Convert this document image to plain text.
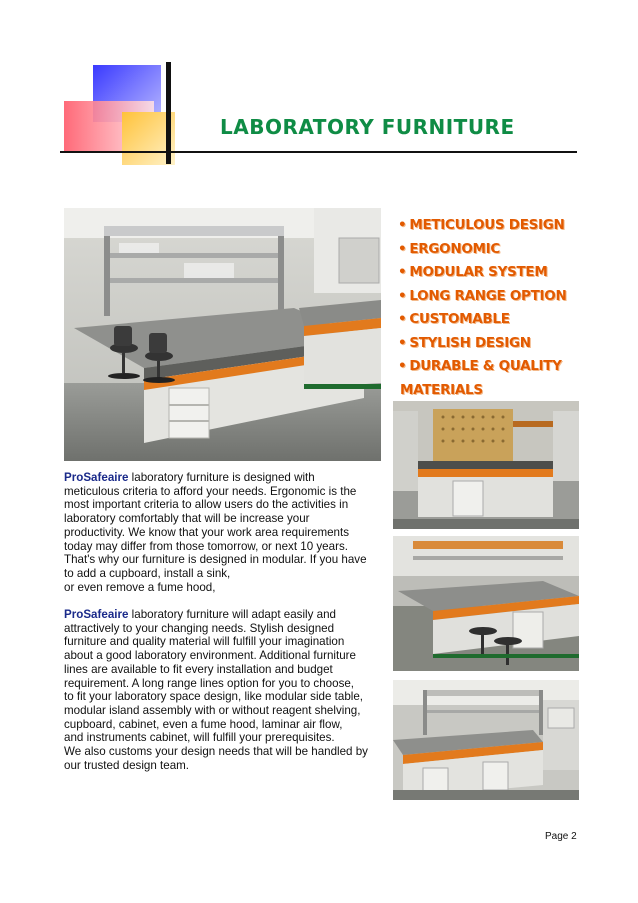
LABORATORY FURNITURE
• METICULOUS DESIGN
• ERGONOMIC
• MODULAR SYSTEM
• LONG RANGE OPTION
• CUSTOMABLE
• STYLISH DESIGN
• DURABLE & QUALITY
MATERIALS

ProSafeaire laboratory furniture is designed with
meticulous criteria to afford your needs. Ergonomic is the
most important criteria to allow users do the activities in
laboratory comfortably that will be increase your
productivity. We know that your work area requirements
today may differ from those tomorrow, or next 10 years.
That's why our furniture is designed in modular. If you have
to add a cupboard, install a sink,
or even remove a fume hood,

ProSafeaire laboratory furniture will adapt easily and
attractively to your changing needs. Stylish designed
furniture and quality material will fulfill your imagination
about a good laboratory environment. Additional furniture
lines are available to fit every installation and budget
requirement. A long range lines option for you to choose,
to fit your laboratory space design, like modular side table,
modular island assembly with or without reagent shelving,
cupboard, cabinet, even a fume hood, laminar air flow,
and instruments cabinet, will fulfill your prerequisites.
We also customs your design needs that will be handled by
our trusted design team.

Page 2
